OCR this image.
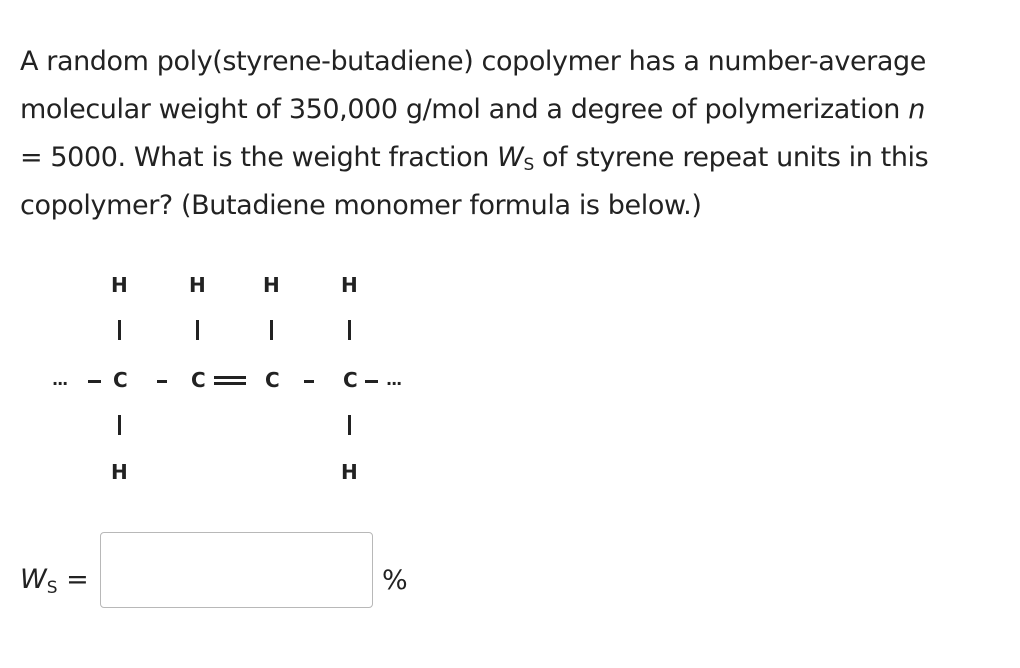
A random poly(styrene-butadiene) copolymer has a number-average
molecular weight of 350,000 g/mol and a degree of polymerization n
= 5000. What is the weight fraction $W_S$ of styrene repeat units in this
copolymer? (Butadiene monomer formula is below.)
H	H	H	H
... C	C	C	C ...
H	H
$W_S$ =	%
